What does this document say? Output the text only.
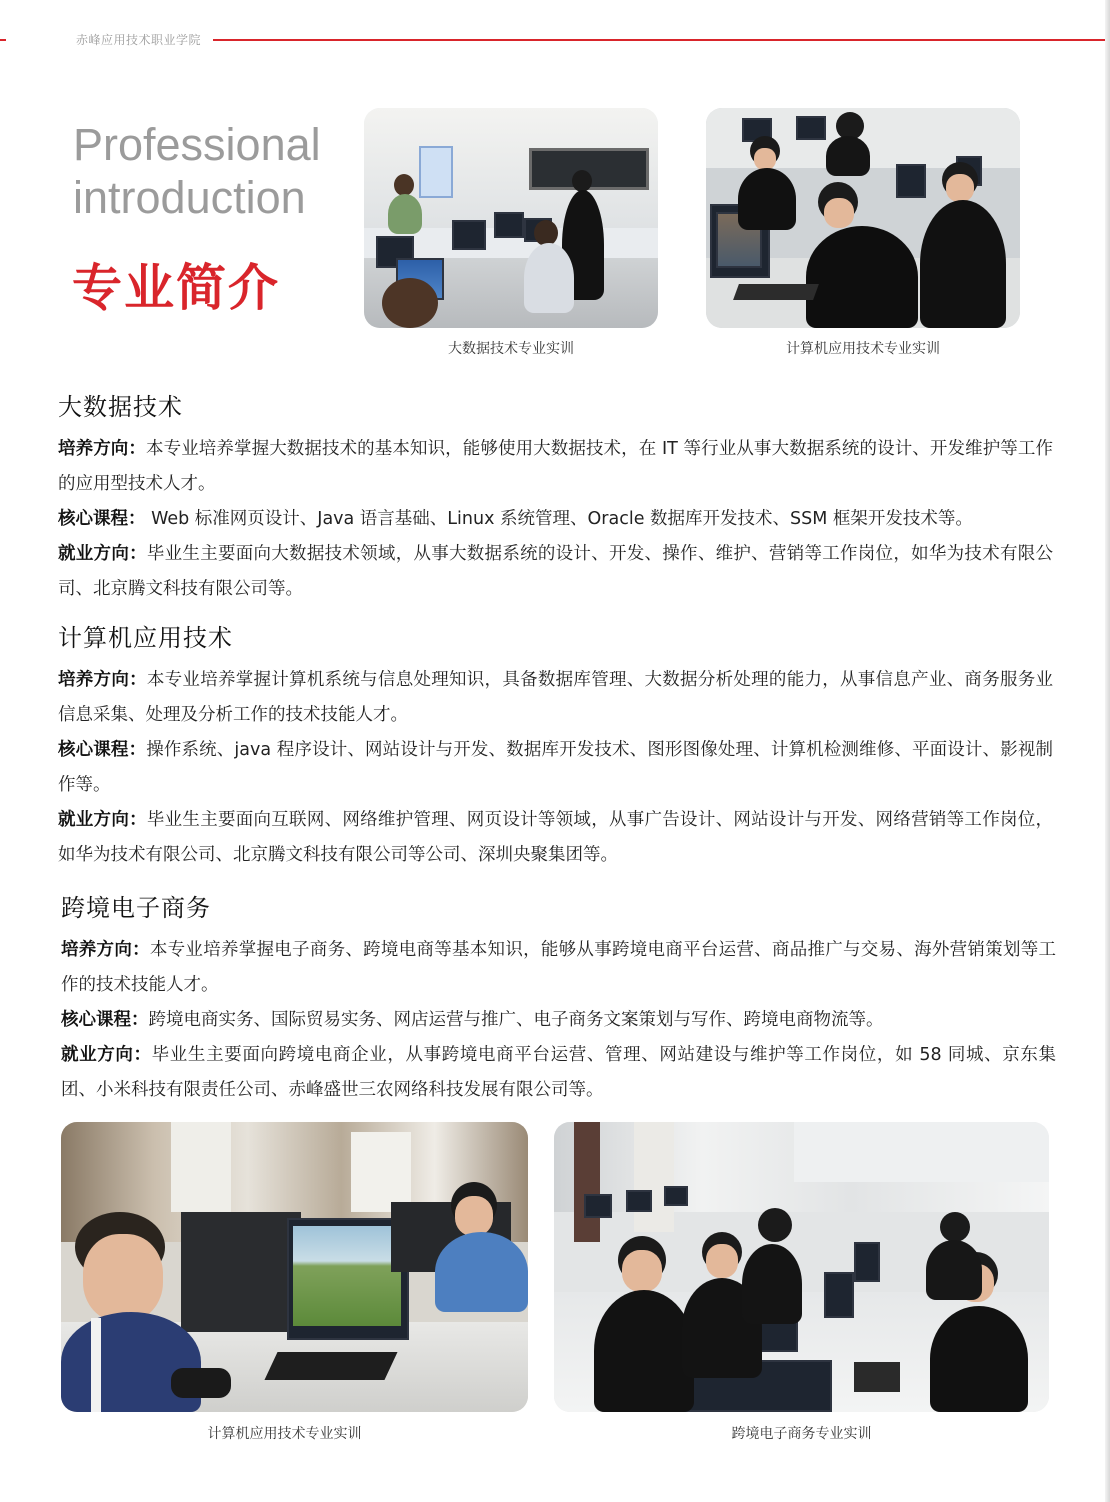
赤峰应用技术职业学院
Professional
introduction
专业简介
大数据技术专业实训	计算机应用技术专业实训
大数据技术

培养方向：本专业培养掌握大数据技术的基本知识，能够使用大数据技术，在 IT 等行业从事大数据系统的设计、开发维护等工作的应用型技术人才。

核心课程： Web 标准网页设计、Java 语言基础、Linux 系统管理、Oracle 数据库开发技术、SSM 框架开发技术等。

就业方向：毕业生主要面向大数据技术领域，从事大数据系统的设计、开发、操作、维护、营销等工作岗位，如华为技术有限公司、北京腾文科技有限公司等。

计算机应用技术

培养方向：本专业培养掌握计算机系统与信息处理知识，具备数据库管理、大数据分析处理的能力，从事信息产业、商务服务业信息采集、处理及分析工作的技术技能人才。

核心课程：操作系统、java 程序设计、网站设计与开发、数据库开发技术、图形图像处理、计算机检测维修、平面设计、影视制作等。

就业方向：毕业生主要面向互联网、网络维护管理、网页设计等领域，从事广告设计、网站设计与开发、网络营销等工作岗位，如华为技术有限公司、北京腾文科技有限公司等公司、深圳央聚集团等。

跨境电子商务

培养方向：本专业培养掌握电子商务、跨境电商等基本知识，能够从事跨境电商平台运营、商品推广与交易、海外营销策划等工作的技术技能人才。

核心课程：跨境电商实务、国际贸易实务、网店运营与推广、电子商务文案策划与写作、跨境电商物流等。

就业方向：毕业生主要面向跨境电商企业，从事跨境电商平台运营、管理、网站建设与维护等工作岗位，如 58 同城、京东集团、小米科技有限责任公司、赤峰盛世三农网络科技发展有限公司等。

计算机应用技术专业实训	跨境电子商务专业实训
